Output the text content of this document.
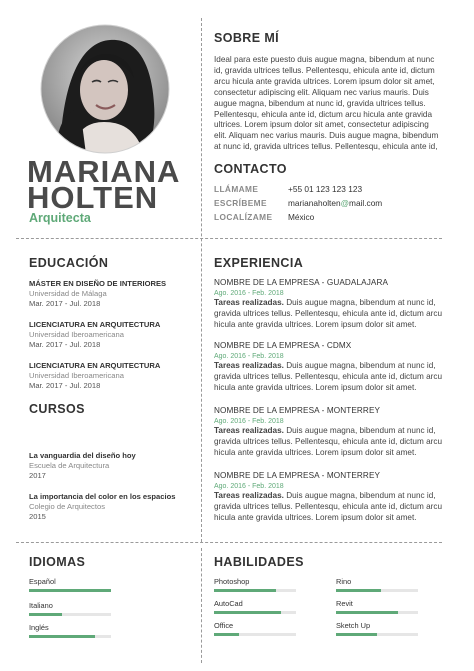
MARIANA
HOLTEN
Arquitecta
SOBRE MÍ
Ideal para este puesto duis augue magna, bibendum at nunc
id, gravida ultrices tellus. Pellentesqu, ehicula ante id, dictum
arcu hicula ante gravida ultrices. Lorem ipsum dolor sit amet,
consectetur adipiscing elit. Aliquam nec varius mauris. Duis
augue magna, bibendum at nunc id, gravida ultrices tellus.
Pellentesqu, ehicula ante id, dictum arcu hicula ante gravida
ultrices. Lorem ipsum dolor sit amet, consectetur adipiscing
elit. Aliquam nec varius mauris. Duis augue magna, bibendum
at nunc id, gravida ultrices tellus. Pellentesqu, ehicula ante id,
CONTACTO
LLÁMAME	+55 01 123 123 123
ESCRÍBEME	marianaholten@mail.com
LOCALÍZAME México
EDUCACIÓN
MÁSTER EN DISEÑO DE INTERIORES
Universidad de Málaga
Mar. 2017 - Jul. 2018
LICENCIATURA EN ARQUITECTURA
Universidad Iberoamericana
Mar. 2017 - Jul. 2018
LICENCIATURA EN ARQUITECTURA
Universidad Iberoamericana
Mar. 2017 - Jul. 2018
CURSOS
La vanguardia del diseño hoy
Escuela de Arquitectura
2017
La importancia del color en los espacios
Colegio de Arquitectos
2015
EXPERIENCIA
NOMBRE DE LA EMPRESA - GUADALAJARA
Ago. 2016 - Feb. 2018
Tareas realizadas. Duis augue magna, bibendum at nunc id,
gravida ultrices tellus. Pellentesqu, ehicula ante id, dictum arcu
hicula ante gravida ultrices. Lorem ipsum dolor sit amet.
NOMBRE DE LA EMPRESA - CDMX
Ago. 2016 - Feb. 2018
Tareas realizadas. Duis augue magna, bibendum at nunc id,
gravida ultrices tellus. Pellentesqu, ehicula ante id, dictum arcu
hicula ante gravida ultrices. Lorem ipsum dolor sit amet.
NOMBRE DE LA EMPRESA - MONTERREY
Ago. 2016 - Feb. 2018
Tareas realizadas. Duis augue magna, bibendum at nunc id,
gravida ultrices tellus. Pellentesqu, ehicula ante id, dictum arcu
hicula ante gravida ultrices. Lorem ipsum dolor sit amet.
NOMBRE DE LA EMPRESA - MONTERREY
Ago. 2016 - Feb. 2018
Tareas realizadas. Duis augue magna, bibendum at nunc id,
gravida ultrices tellus. Pellentesqu, ehicula ante id, dictum arcu
hicula ante gravida ultrices. Lorem ipsum dolor sit amet.
IDIOMAS
Español
Italiano
Inglés
HABILIDADES
Photoshop	Rino
AutoCad	Revit
Office	Sketch Up
